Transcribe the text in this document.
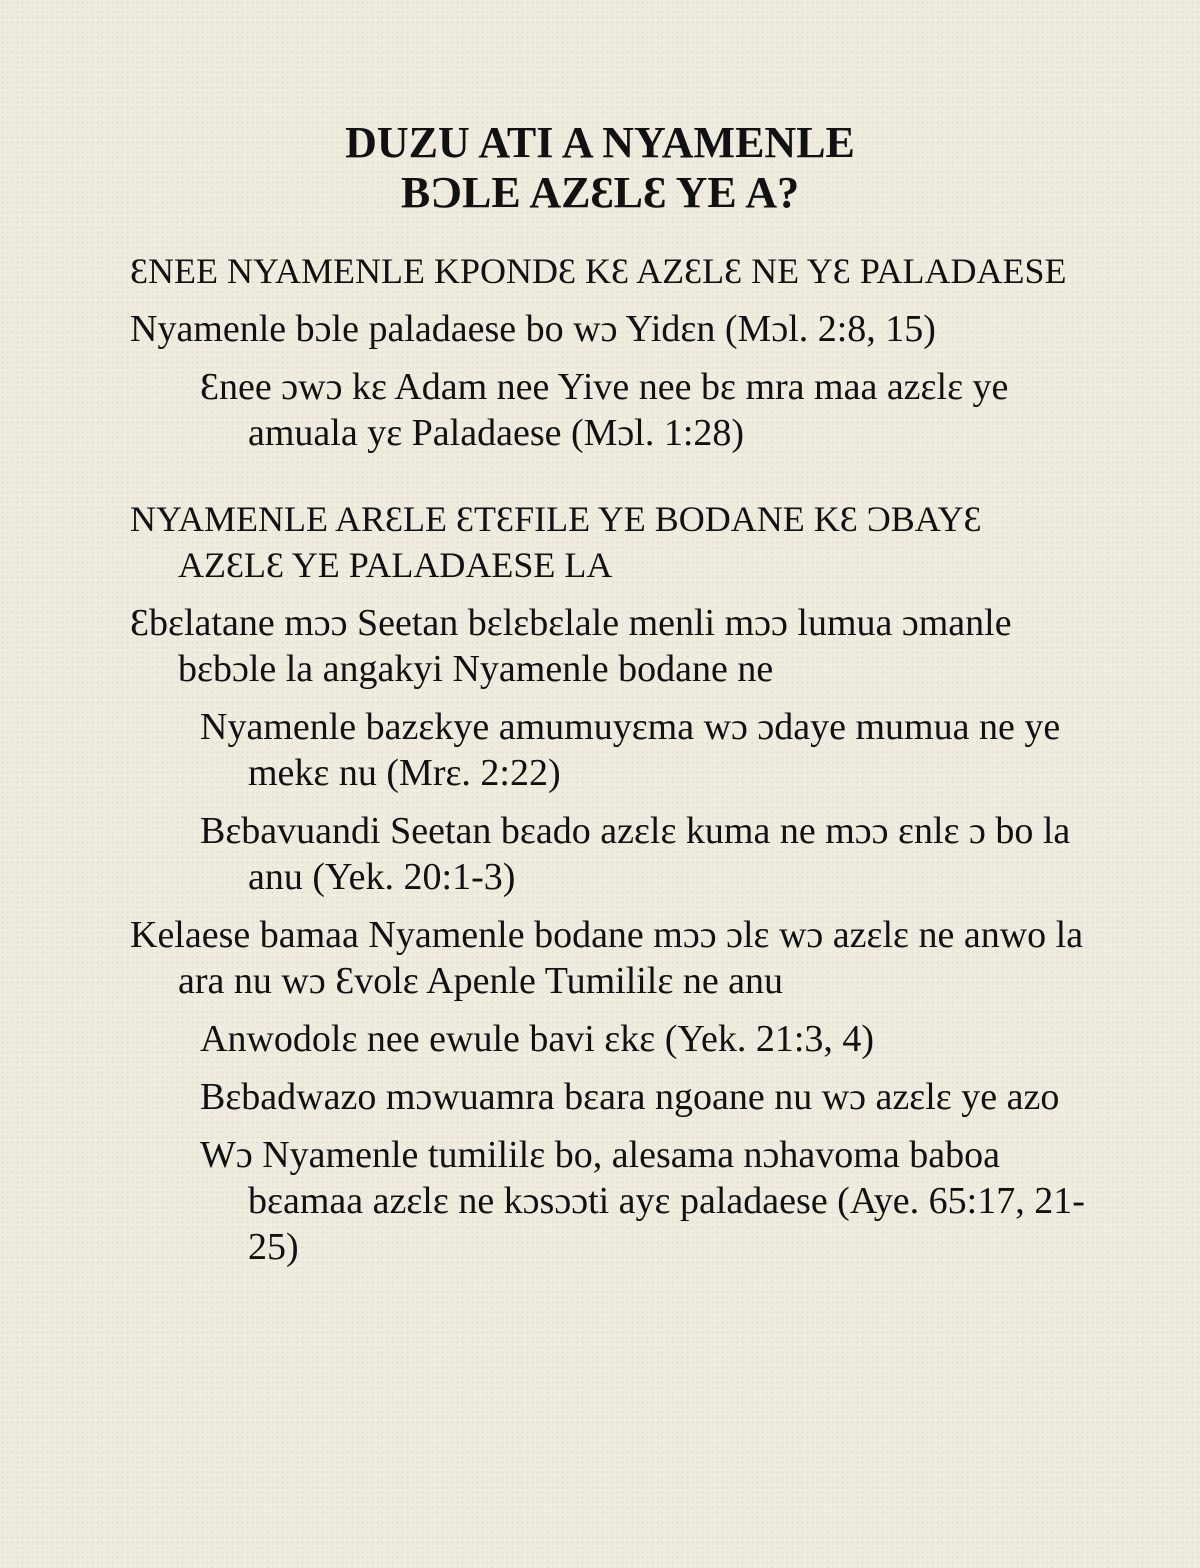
DUZU ATI A NYAMENLE
BƆLE AZƐLƐ YE A?

ƐNEE NYAMENLE KPONDƐ KƐ AZƐLƐ NE YƐ PALADAESE

Nyamenle bɔle paladaese bo wɔ Yidɛn (Mɔl. 2:8, 15)

Ɛnee ɔwɔ kɛ Adam nee Yive nee bɛ mra maa azɛlɛ ye amuala yɛ Paladaese (Mɔl. 1:28)

NYAMENLE ARƐLE ƐTƐFILE YE BODANE KƐ ƆBAYƐ AZƐLƐ YE PALADAESE LA

Ɛbɛlatane mɔɔ Seetan bɛlɛbɛlale menli mɔɔ lumua ɔmanle bɛbɔle la angakyi Nyamenle bodane ne

Nyamenle bazɛkye amumuyɛma wɔ ɔdaye mumua ne ye mekɛ nu (Mrɛ. 2:22)

Bɛbavuandi Seetan bɛado azɛlɛ kuma ne mɔɔ ɛnlɛ ɔ bo la anu (Yek. 20:1-3)

Kelaese bamaa Nyamenle bodane mɔɔ ɔlɛ wɔ azɛlɛ ne anwo la ara nu wɔ Ɛvolɛ Apenle Tumililɛ ne anu

Anwodolɛ nee ewule bavi ɛkɛ (Yek. 21:3, 4)

Bɛbadwazo mɔwuamra bɛara ngoane nu wɔ azɛlɛ ye azo

Wɔ Nyamenle tumililɛ bo, alesama nɔhavoma baboa bɛamaa azɛlɛ ne kɔsɔɔti ayɛ paladaese (Aye. 65:17, 21-25)
